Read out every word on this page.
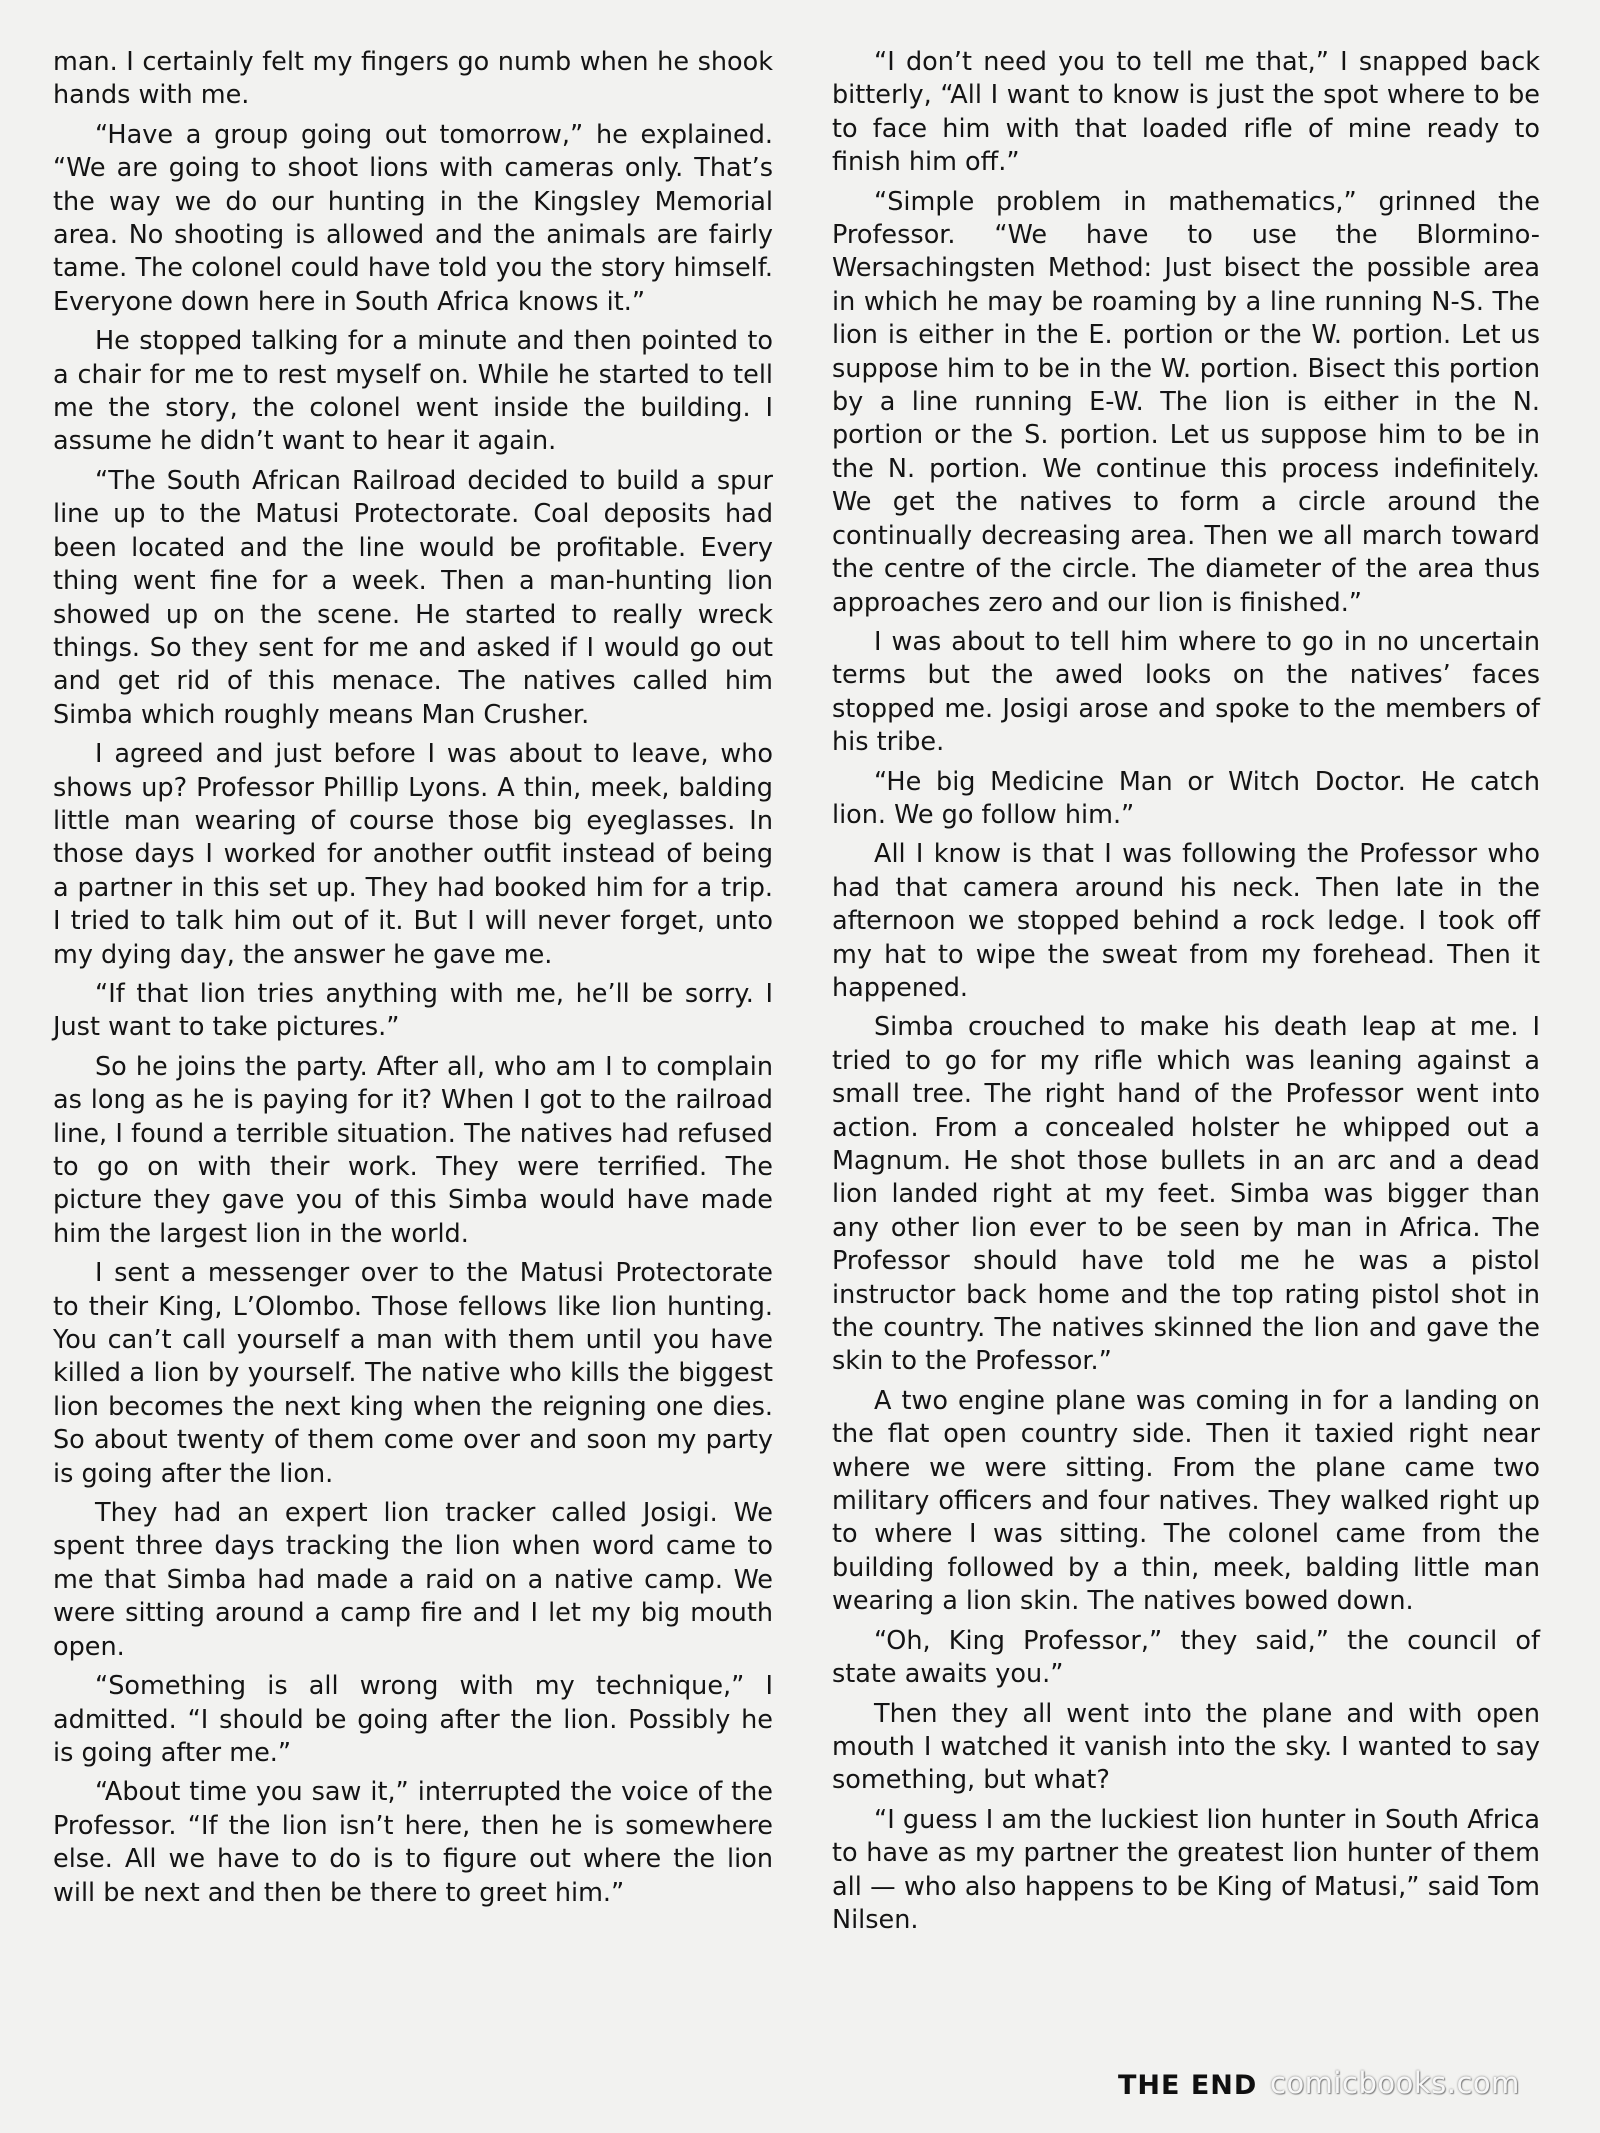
man. I certainly felt my fingers go numb when he shook hands with me.

“Have a group going out tomorrow,” he explained. “We are going to shoot lions with cameras only. That’s the way we do our hunting in the Kingsley Memorial area. No shooting is allowed and the animals are fairly tame. The colonel could have told you the story himself. Everyone down here in South Africa knows it.”

He stopped talking for a minute and then pointed to a chair for me to rest myself on. While he started to tell me the story, the colonel went inside the building. I assume he didn’t want to hear it again.

“The South African Railroad decided to build a spur line up to the Matusi Protectorate. Coal deposits had been located and the line would be profitable. Every thing went fine for a week. Then a man-hunting lion showed up on the scene. He started to really wreck things. So they sent for me and asked if I would go out and get rid of this menace. The natives called him Simba which roughly means Man Crusher.

I agreed and just before I was about to leave, who shows up? Professor Phillip Lyons. A thin, meek, balding little man wearing of course those big eyeglasses. In those days I worked for another outfit instead of being a partner in this set up. They had booked him for a trip. I tried to talk him out of it. But I will never forget, unto my dying day, the answer he gave me.

“If that lion tries anything with me, he’ll be sorry. I Just want to take pictures.”

So he joins the party. After all, who am I to complain as long as he is paying for it? When I got to the railroad line, I found a terrible situation. The natives had refused to go on with their work. They were terrified. The picture they gave you of this Simba would have made him the largest lion in the world.

I sent a messenger over to the Matusi Protectorate to their King, L’Olombo. Those fellows like lion hunting. You can’t call yourself a man with them until you have killed a lion by yourself. The native who kills the biggest lion becomes the next king when the reigning one dies. So about twenty of them come over and soon my party is going after the lion.

They had an expert lion tracker called Josigi. We spent three days tracking the lion when word came to me that Simba had made a raid on a native camp. We were sitting around a camp fire and I let my big mouth open.

“Something is all wrong with my technique,” I admitted. “I should be going after the lion. Possibly he is going after me.”

“About time you saw it,” interrupted the voice of the Professor. “If the lion isn’t here, then he is somewhere else. All we have to do is to figure out where the lion will be next and then be there to greet him.”

“I don’t need you to tell me that,” I snapped back bitterly, “All I want to know is just the spot where to be to face him with that loaded rifle of mine ready to finish him off.”

“Simple problem in mathematics,” grinned the Professor. “We have to use the Blormino-Wersachingsten Method: Just bisect the possible area in which he may be roaming by a line running N-S. The lion is either in the E. portion or the W. portion. Let us suppose him to be in the W. portion. Bisect this portion by a line running E-W. The lion is either in the N. portion or the S. portion. Let us suppose him to be in the N. portion. We continue this process indefinitely. We get the natives to form a circle around the continually decreasing area. Then we all march toward the centre of the circle. The diameter of the area thus approaches zero and our lion is finished.”

I was about to tell him where to go in no uncertain terms but the awed looks on the natives’ faces stopped me. Josigi arose and spoke to the members of his tribe.

“He big Medicine Man or Witch Doctor. He catch lion. We go follow him.”

All I know is that I was following the Professor who had that camera around his neck. Then late in the afternoon we stopped behind a rock ledge. I took off my hat to wipe the sweat from my forehead. Then it happened.

Simba crouched to make his death leap at me. I tried to go for my rifle which was leaning against a small tree. The right hand of the Professor went into action. From a concealed holster he whipped out a Magnum. He shot those bullets in an arc and a dead lion landed right at my feet. Simba was bigger than any other lion ever to be seen by man in Africa. The Professor should have told me he was a pistol instructor back home and the top rating pistol shot in the country. The natives skinned the lion and gave the skin to the Professor.”

A two engine plane was coming in for a landing on the flat open country side. Then it taxied right near where we were sitting. From the plane came two military officers and four natives. They walked right up to where I was sitting. The colonel came from the building followed by a thin, meek, balding little man wearing a lion skin. The natives bowed down.

“Oh, King Professor,” they said,” the council of state awaits you.”

Then they all went into the plane and with open mouth I watched it vanish into the sky. I wanted to say something, but what?

“I guess I am the luckiest lion hunter in South Africa to have as my partner the greatest lion hunter of them all — who also happens to be King of Matusi,” said Tom Nilsen.

THE END comicbooks.com
